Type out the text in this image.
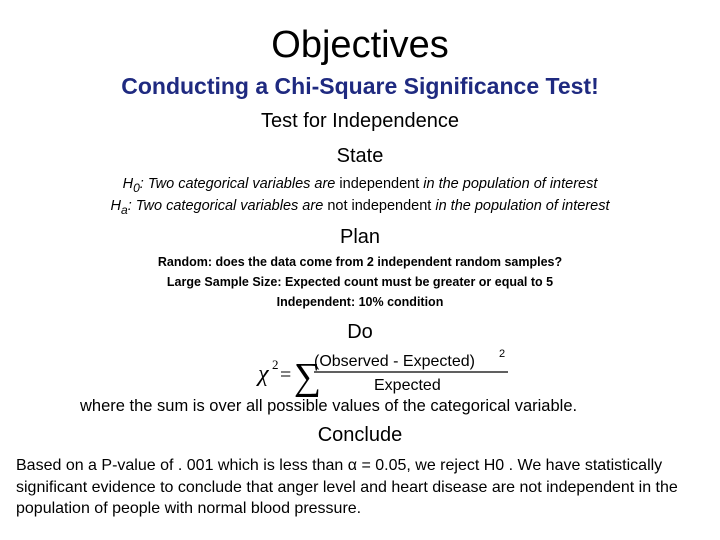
Objectives
Conducting a Chi-Square Significance Test!
Test for Independence
State
$H_0$: Two categorical variables are independent in the population of interest
$H_a$: Two categorical variables are not independent in the population of interest
Plan
Random: does the data come from 2 independent random samples?
Large Sample Size: Expected count must be greater or equal to 5
Independent: 10% condition
Do
χ 2 = ∑
(Observed - Expected) 2
Expected
where the sum is over all possible values of the categorical variable.
Conclude
Based on a P-value of . 001 which is less than α = 0.05, we reject H0 . We have statistically significant evidence to conclude that anger level and heart disease are not independent in the population of people with normal blood pressure.
